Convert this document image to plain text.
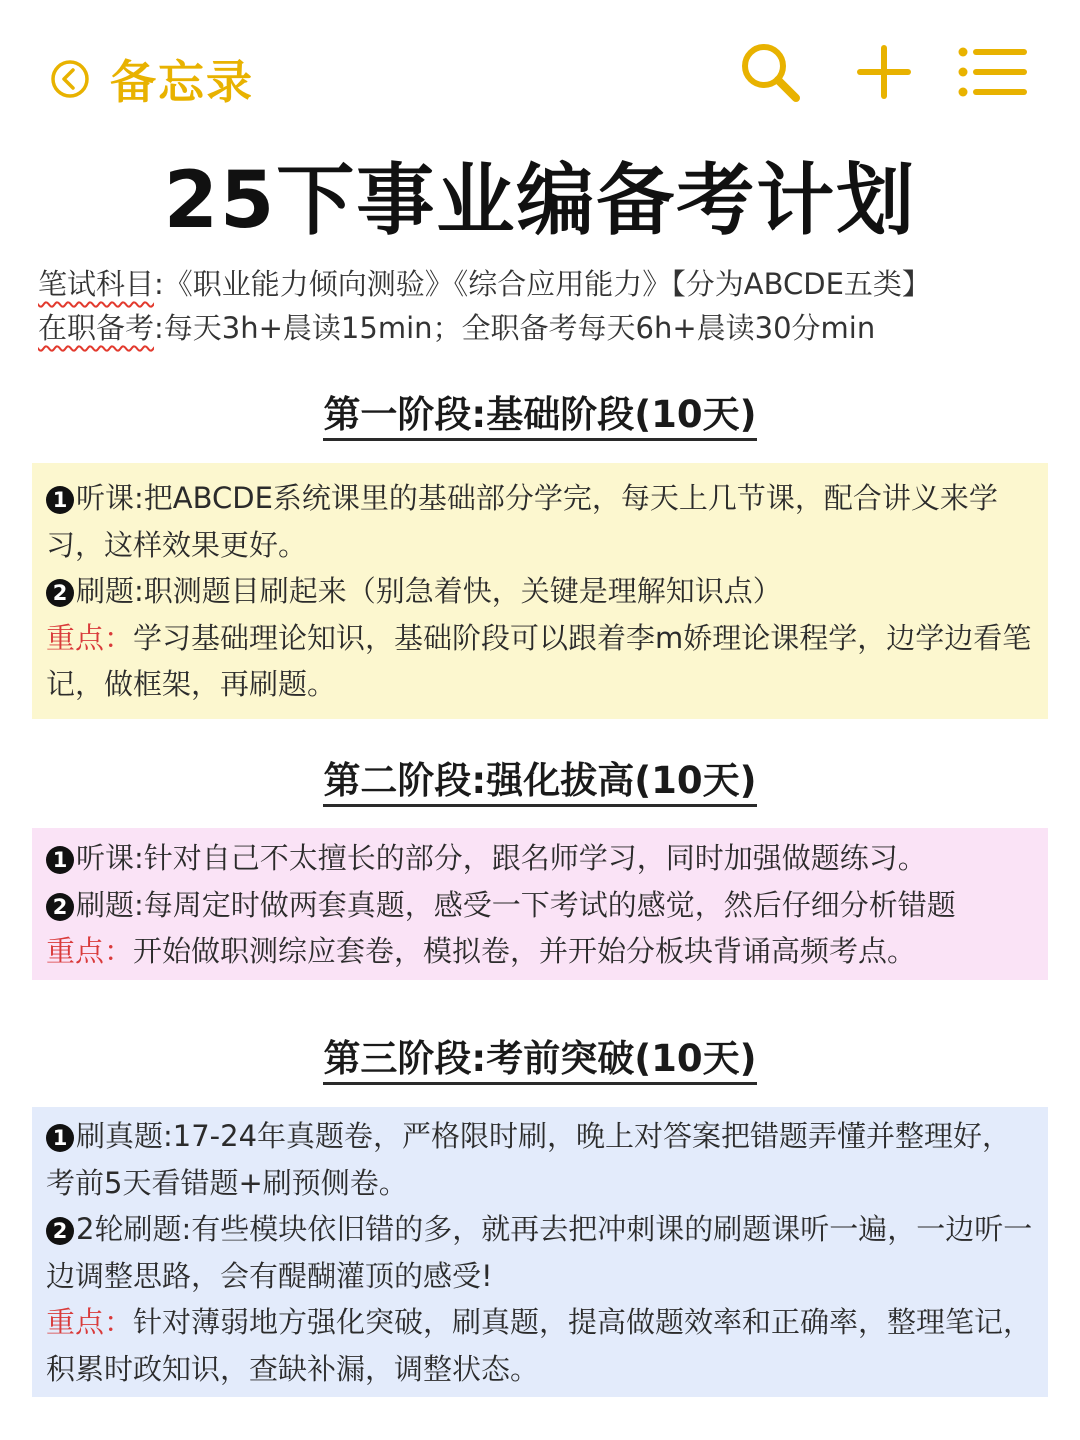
备忘录
25下事业编备考计划
笔试科目:《职业能力倾向测验》《综合应用能力》【分为ABCDE五类】
在职备考:每天3h+晨读15min；全职备考每天6h+晨读30分min
第一阶段:基础阶段(10天)

1 听课:把ABCDE系统课里的基础部分学完，每天上几节课，配合讲义来学习，这样效果更好。

2 刷题:职测题目刷起来（别急着快，关键是理解知识点）

重点：学习基础理论知识，基础阶段可以跟着李m娇理论课程学，边学边看笔记，做框架，再刷题。

第二阶段:强化拔高(10天)

1 听课:针对自己不太擅长的部分，跟名师学习，同时加强做题练习。

2 刷题:每周定时做两套真题，感受一下考试的感觉，然后仔细分析错题

重点：开始做职测综应套卷，模拟卷，并开始分板块背诵高频考点。

第三阶段:考前突破(10天)

1 刷真题:17-24年真题卷，严格限时刷，晚上对答案把错题弄懂并整理好，考前5天看错题+刷预侧卷。

2 2轮刷题:有些模块依旧错的多，就再去把冲刺课的刷题课听一遍，一边听一边调整思路，会有醍醐灌顶的感受!

重点：针对薄弱地方强化突破，刷真题，提高做题效率和正确率，整理笔记，积累时政知识，查缺补漏，调整状态。
